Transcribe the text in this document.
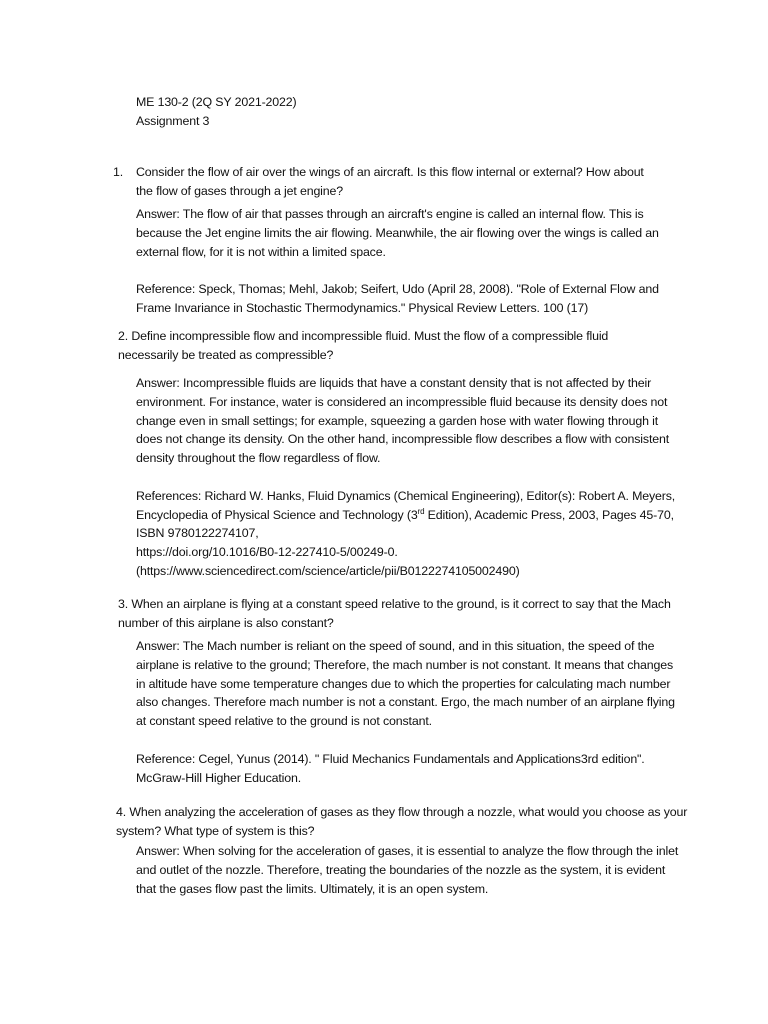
ME 130-2 (2Q SY 2021-2022)

Assignment 3

1. Consider the flow of air over the wings of an aircraft. Is this flow internal or external? How about the flow of gases through a jet engine?

Answer: The flow of air that passes through an aircraft's engine is called an internal flow. This is because the Jet engine limits the air flowing. Meanwhile, the air flowing over the wings is called an external flow, for it is not within a limited space.

Reference: Speck, Thomas; Mehl, Jakob; Seifert, Udo (April 28, 2008). "Role of External Flow and Frame Invariance in Stochastic Thermodynamics." Physical Review Letters. 100 (17)

2. Define incompressible flow and incompressible fluid. Must the flow of a compressible fluid necessarily be treated as compressible?

Answer: Incompressible fluids are liquids that have a constant density that is not affected by their environment. For instance, water is considered an incompressible fluid because its density does not change even in small settings; for example, squeezing a garden hose with water flowing through it does not change its density. On the other hand, incompressible flow describes a flow with consistent density throughout the flow regardless of flow.

References: Richard W. Hanks, Fluid Dynamics (Chemical Engineering), Editor(s): Robert A. Meyers, Encyclopedia of Physical Science and Technology (3rd Edition), Academic Press, 2003, Pages 45-70, ISBN 9780122274107,

https://doi.org/10.1016/B0-12-227410-5/00249-0.

(https://www.sciencedirect.com/science/article/pii/B0122274105002490)

3. When an airplane is flying at a constant speed relative to the ground, is it correct to say that the Mach number of this airplane is also constant?

Answer: The Mach number is reliant on the speed of sound, and in this situation, the speed of the airplane is relative to the ground; Therefore, the mach number is not constant. It means that changes in altitude have some temperature changes due to which the properties for calculating mach number also changes. Therefore mach number is not a constant. Ergo, the mach number of an airplane flying at constant speed relative to the ground is not constant.

Reference: Cegel, Yunus (2014). " Fluid Mechanics Fundamentals and Applications3rd edition". McGraw-Hill Higher Education.

4. When analyzing the acceleration of gases as they flow through a nozzle, what would you choose as your system? What type of system is this?

Answer: When solving for the acceleration of gases, it is essential to analyze the flow through the inlet and outlet of the nozzle. Therefore, treating the boundaries of the nozzle as the system, it is evident that the gases flow past the limits. Ultimately, it is an open system.
